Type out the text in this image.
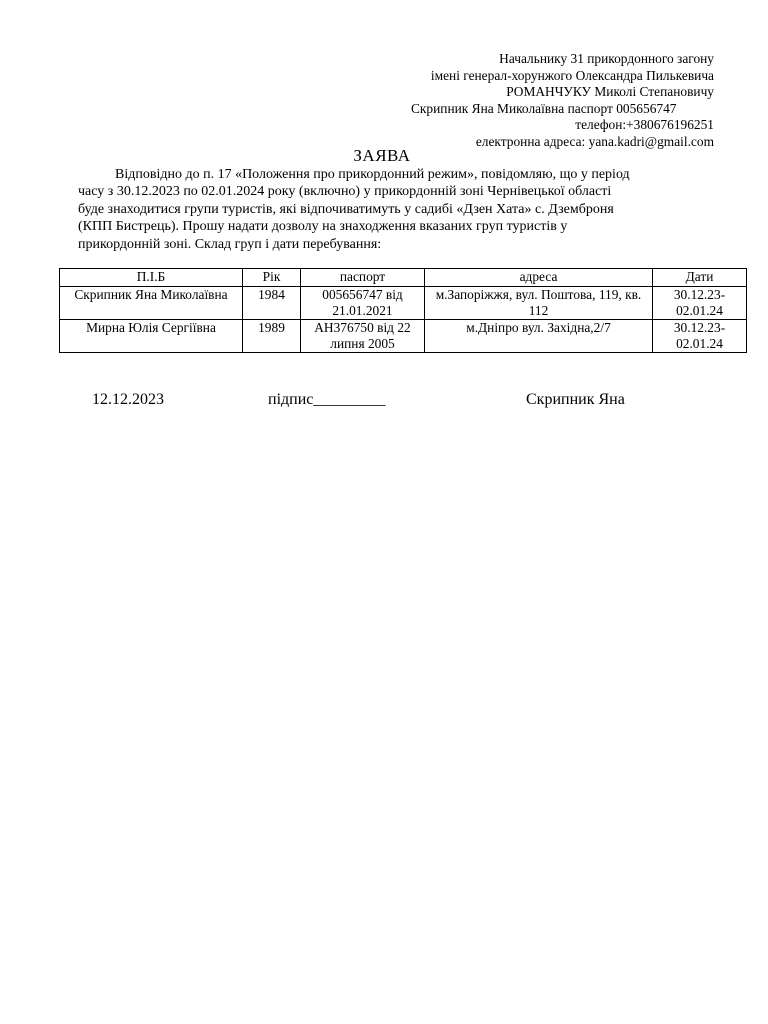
Начальнику 31 прикордонного загону
імені генерал-хорунжого Олександра Пилькевича
РОМАНЧУКУ Миколі Степановичу
Скрипник Яна Миколаївна паспорт 005656747
телефон:+380676196251
електронна адреса: yana.kadri@gmail.com
ЗАЯВА
Відповідно до п. 17 «Положення про прикордонний режим», повідомляю, що у період
часу з 30.12.2023 по 02.01.2024 року (включно) у прикордонній зоні Чернівецької області
буде знаходитися групи туристів, які відпочиватимуть у садибі «Дзен Хата» с. Дземброня
(КПП Бистрець). Прошу надати дозволу на знаходження вказаних груп туристів у
прикордонній зоні. Склад груп і дати перебування:
П.І.Б	Рік	паспорт	адреса	Дати
Скрипник Яна Миколаївна	1984	005656747 від 21.01.2021	м.Запоріжжя, вул. Поштова, 119, кв. 112	30.12.23-02.01.24
Мирна Юлія Сергіївна	1989	АН376750 від 22 липня 2005	м.Дніпро вул. Західна,2/7	30.12.23-02.01.24
12.12.2023	підпис_________	Скрипник Яна
